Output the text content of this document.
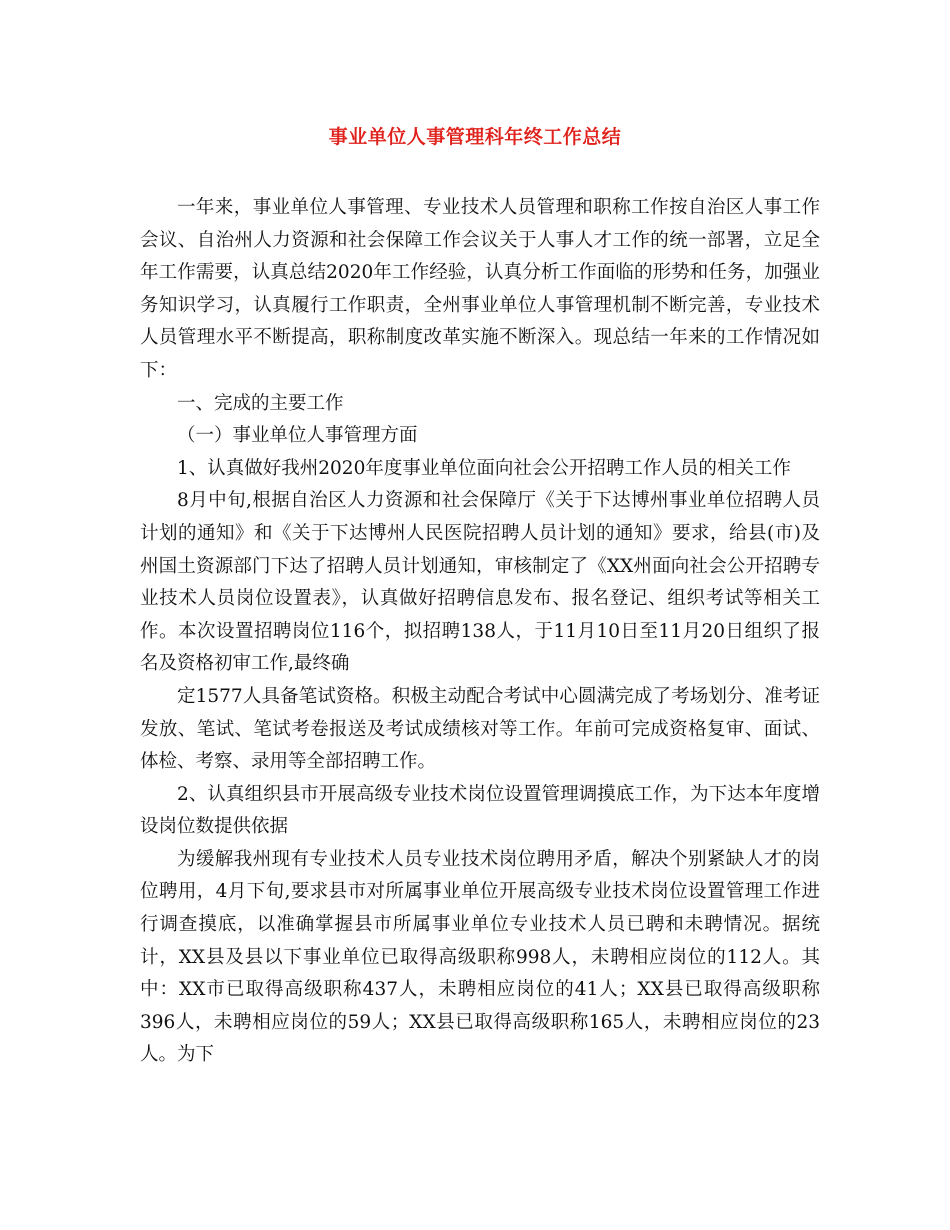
事业单位人事管理科年终工作总结

一年来，事业单位人事管理、专业技术人员管理和职称工作按自治区人事工作会议、自治州人力资源和社会保障工作会议关于人事人才工作的统一部署，立足全年工作需要，认真总结2020年工作经验，认真分析工作面临的形势和任务，加强业务知识学习，认真履行工作职责，全州事业单位人事管理机制不断完善，专业技术人员管理水平不断提高，职称制度改革实施不断深入。现总结一年来的工作情况如下：

一、完成的主要工作

（一）事业单位人事管理方面

1、认真做好我州2020年度事业单位面向社会公开招聘工作人员的相关工作

8月中旬,根据自治区人力资源和社会保障厅《关于下达博州事业单位招聘人员计划的通知》和《关于下达博州人民医院招聘人员计划的通知》要求，给县(市)及州国土资源部门下达了招聘人员计划通知，审核制定了《XX州面向社会公开招聘专业技术人员岗位设置表》，认真做好招聘信息发布、报名登记、组织考试等相关工作。本次设置招聘岗位116个，拟招聘138人，于11月10日至11月20日组织了报名及资格初审工作,最终确

定1577人具备笔试资格。积极主动配合考试中心圆满完成了考场划分、准考证发放、笔试、笔试考卷报送及考试成绩核对等工作。年前可完成资格复审、面试、体检、考察、录用等全部招聘工作。

2、认真组织县市开展高级专业技术岗位设置管理调摸底工作，为下达本年度增设岗位数提供依据

为缓解我州现有专业技术人员专业技术岗位聘用矛盾，解决个别紧缺人才的岗位聘用，4月下旬,要求县市对所属事业单位开展高级专业技术岗位设置管理工作进行调查摸底，以准确掌握县市所属事业单位专业技术人员已聘和未聘情况。据统计，XX县及县以下事业单位已取得高级职称998人，未聘相应岗位的112人。其中：XX市已取得高级职称437人，未聘相应岗位的41人；XX县已取得高级职称396人，未聘相应岗位的59人；XX县已取得高级职称165人，未聘相应岗位的23人。为下
